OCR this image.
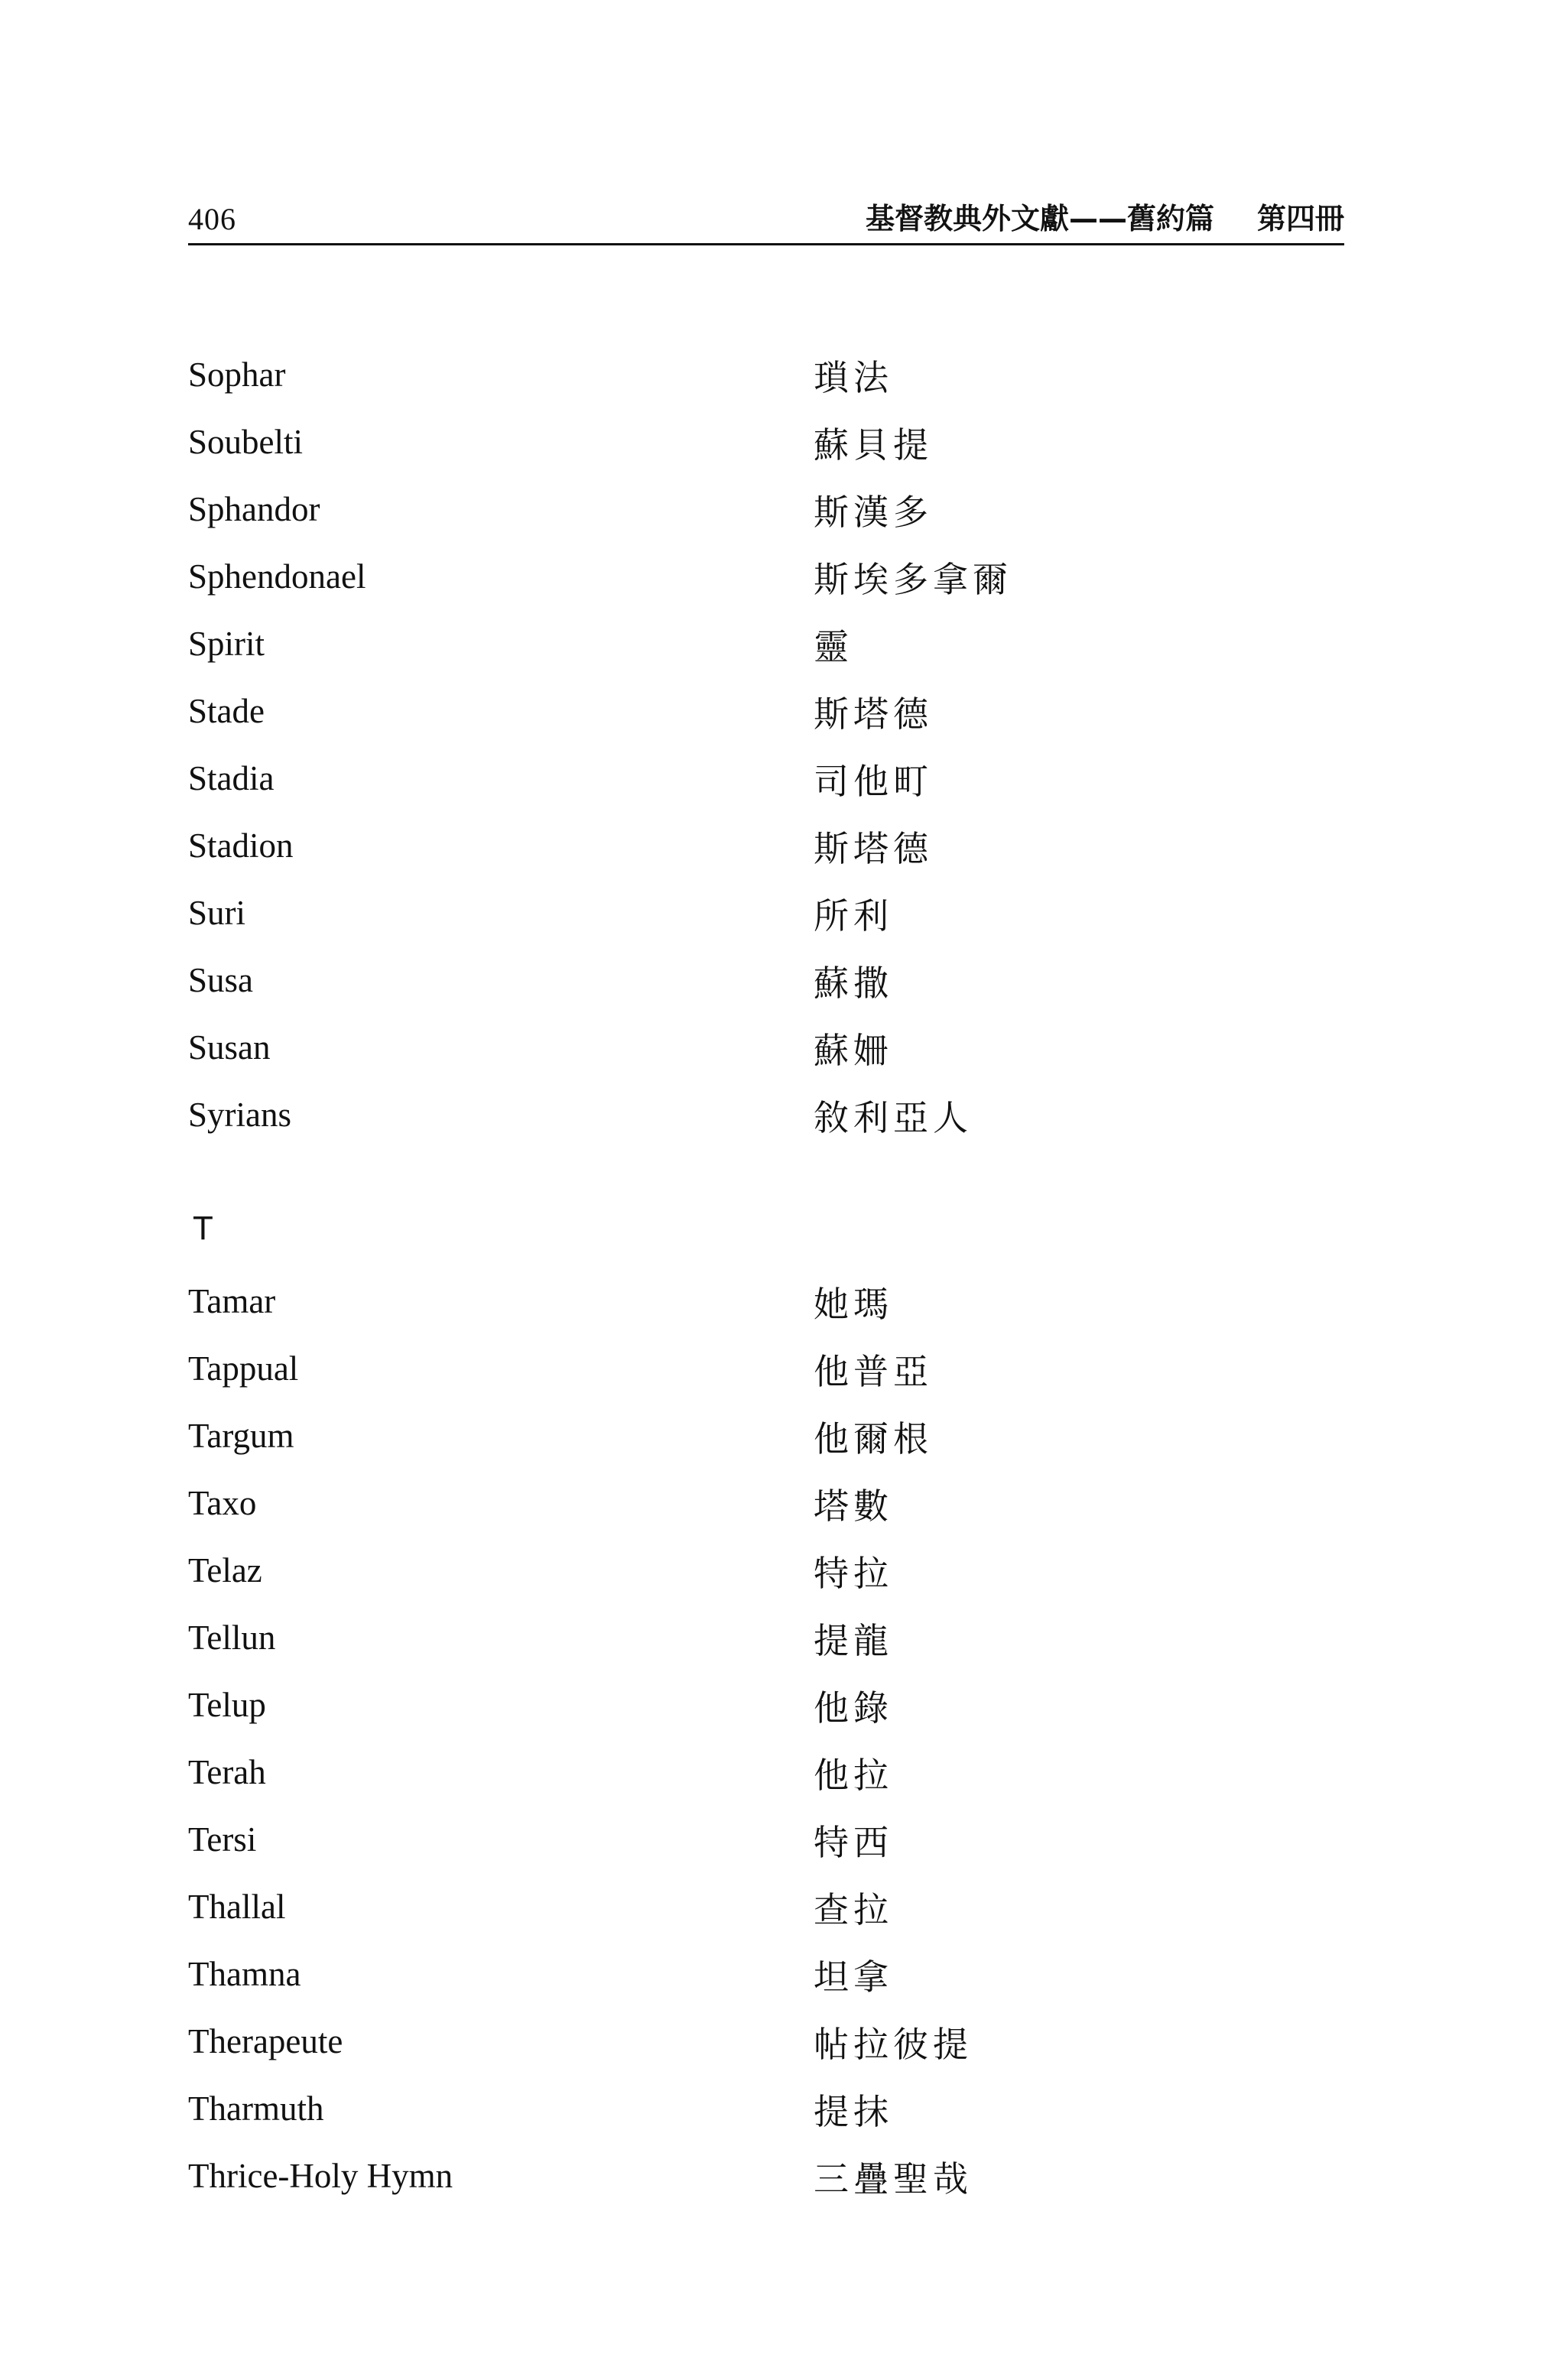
406	基督教典外文獻——舊約篇 第四冊
Sophar	瑣法
Soubelti	蘇貝提
Sphandor	斯漢多
Sphendonael	斯埃多拿爾
Spirit	靈
Stade	斯塔德
Stadia	司他町
Stadion	斯塔德
Suri	所利
Susa	蘇撒
Susan	蘇姍
Syrians	敘利亞人
T
Tamar	她瑪
Tappual	他普亞
Targum	他爾根
Taxo	塔數
Telaz	特拉
Tellun	提龍
Telup	他錄
Terah	他拉
Tersi	特西
Thallal	查拉
Thamna	坦拿
Therapeute	帖拉彼提
Tharmuth	提抹
Thrice-Holy Hymn	三疊聖哉
